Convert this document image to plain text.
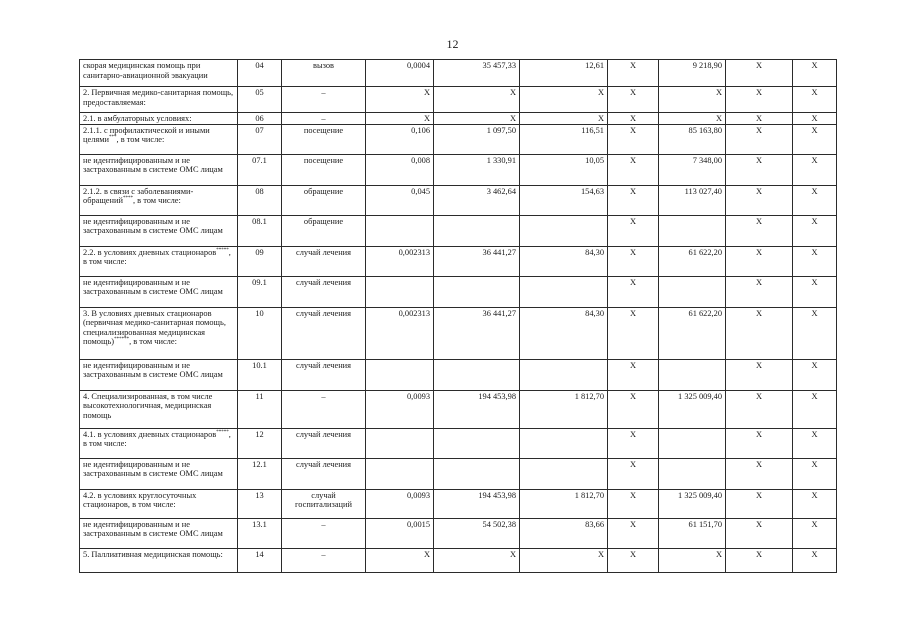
12
скорая медицинская помощь при санитарно-авиационной эвакуации	04	вызов	0,0004	35 457,33	12,61	X	9 218,90	X	X
2. Первичная медико-санитарная помощь, предоставляемая:	05	–	X	X	X	X	X	X	X
2.1. в амбулаторных условиях:	06	–	X	X	X	X	X	X	X
2.1.1. с профилактической и иными целями***, в том числе:	07	посещение	0,106	1 097,50	116,51	X	85 163,80	X	X
не идентифицированным и не застрахованным в системе ОМС лицам	07.1	посещение	0,008	1 330,91	10,05	X	7 348,00	X	X
2.1.2. в связи с заболеваниями-обращений****, в том числе:	08	обращение	0,045	3 462,64	154,63	X	113 027,40	X	X
не идентифицированным и не застрахованным в системе ОМС лицам	08.1	обращение				X		X	X
2.2. в условиях дневных стационаров*****, в том числе:	09	случай лечения	0,002313	36 441,27	84,30	X	61 622,20	X	X
не идентифицированным и не застрахованным в системе ОМС лицам	09.1	случай лечения				X		X	X
3. В условиях дневных стационаров (первичная медико-санитарная помощь, специализированная медицинская помощь)******, в том числе:	10	случай лечения	0,002313	36 441,27	84,30	X	61 622,20	X	X
не идентифицированным и не застрахованным в системе ОМС лицам	10.1	случай лечения				X		X	X
4. Специализированная, в том числе высокотехнологичная, медицинская помощь	11	–	0,0093	194 453,98	1 812,70	X	1 325 009,40	X	X
4.1. в условиях дневных стационаров*****, в том числе:	12	случай лечения				X		X	X
не идентифицированным и не застрахованным в системе ОМС лицам	12.1	случай лечения				X		X	X
4.2. в условиях круглосуточных стационаров, в том числе:	13	случай госпитализаций	0,0093	194 453,98	1 812,70	X	1 325 009,40	X	X
не идентифицированным и не застрахованным в системе ОМС лицам	13.1	–	0,0015	54 502,38	83,66	X	61 151,70	X	X
5. Паллиативная медицинская помощь:	14	–	X	X	X	X	X	X	X
